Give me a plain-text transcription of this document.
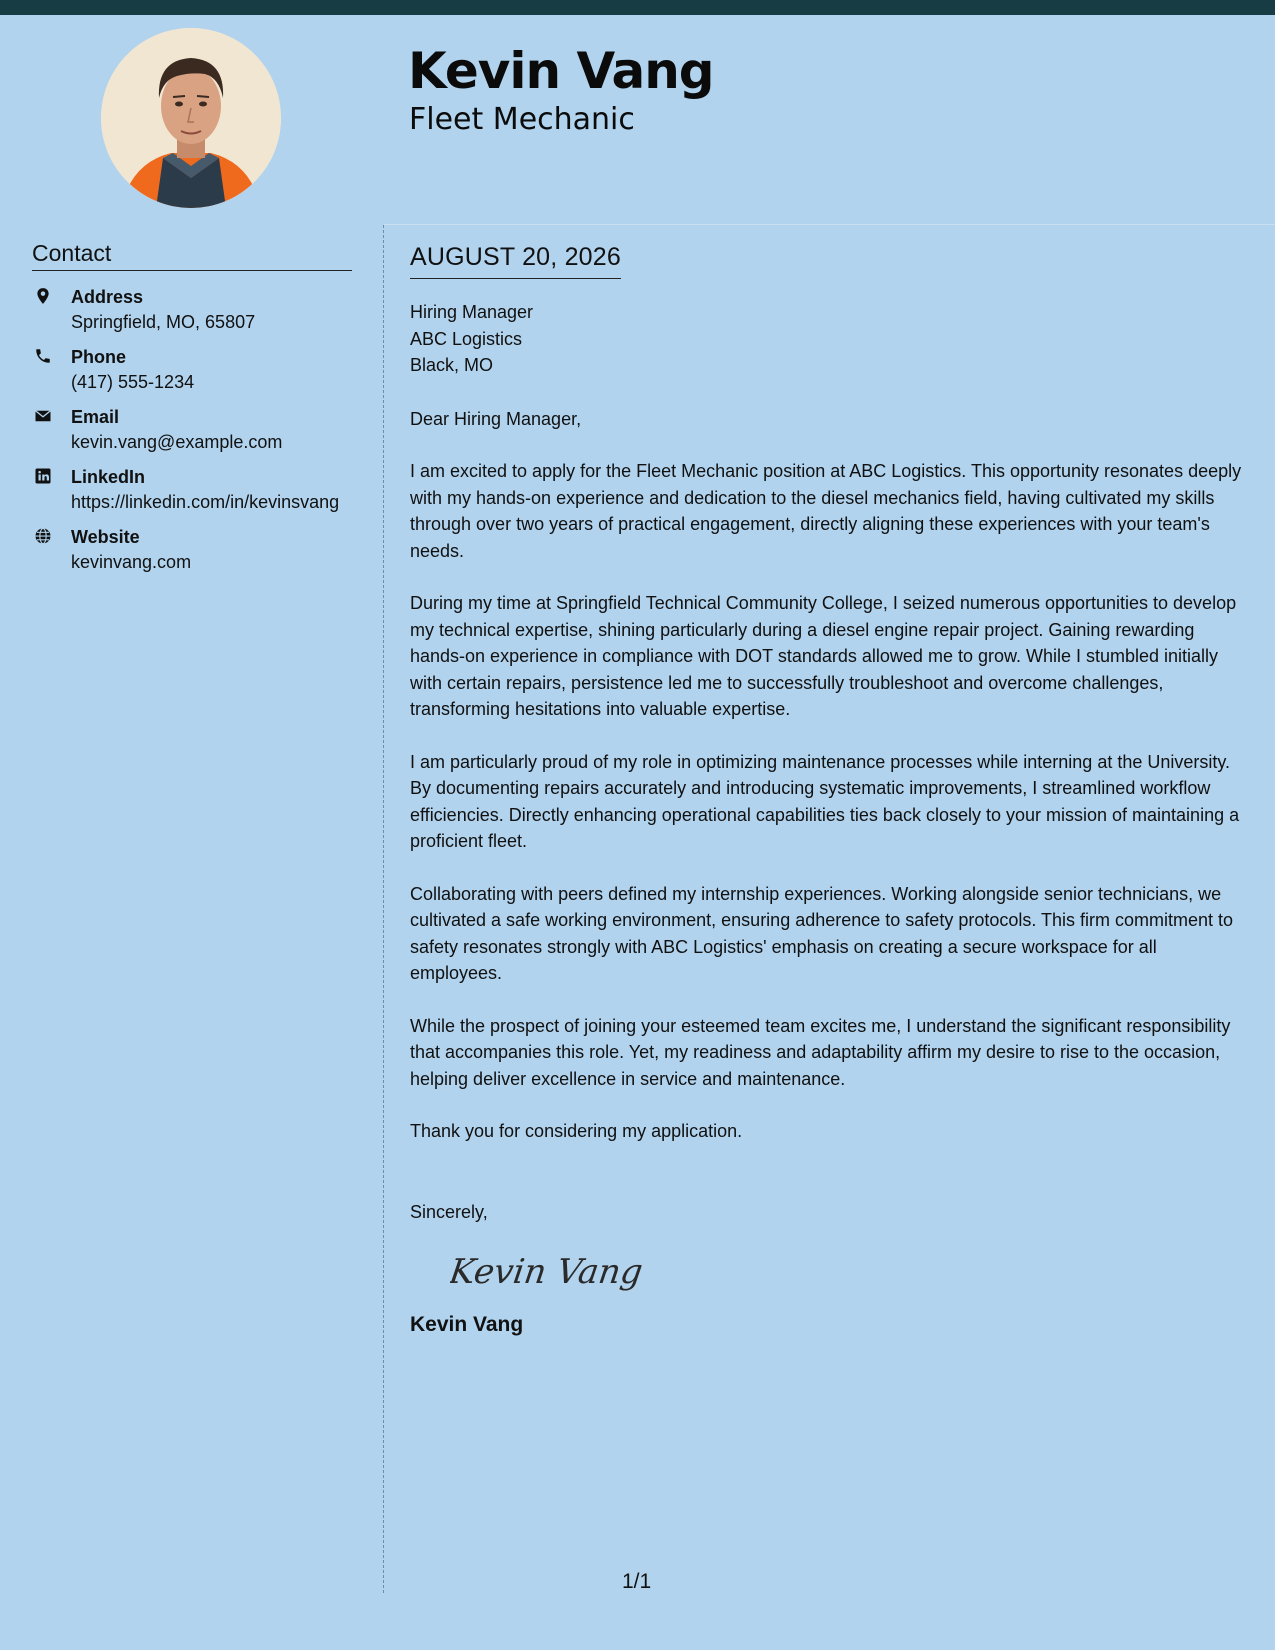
Kevin Vang
Fleet Mechanic
Contact
Address
Springfield, MO, 65807
Phone
(417) 555-1234
Email
kevin.vang@example.com
LinkedIn
https://linkedin.com/in/kevinsvang
Website
kevinvang.com
AUGUST 20, 2026
Hiring Manager
ABC Logistics
Black, MO
Dear Hiring Manager,

I am excited to apply for the Fleet Mechanic position at ABC Logistics. This opportunity resonates deeply with my hands-on experience and dedication to the diesel mechanics field, having cultivated my skills through over two years of practical engagement, directly aligning these experiences with your team's needs.

During my time at Springfield Technical Community College, I seized numerous opportunities to develop my technical expertise, shining particularly during a diesel engine repair project. Gaining rewarding hands-on experience in compliance with DOT standards allowed me to grow. While I stumbled initially with certain repairs, persistence led me to successfully troubleshoot and overcome challenges, transforming hesitations into valuable expertise.

I am particularly proud of my role in optimizing maintenance processes while interning at the University. By documenting repairs accurately and introducing systematic improvements, I streamlined workflow efficiencies. Directly enhancing operational capabilities ties back closely to your mission of maintaining a proficient fleet.

Collaborating with peers defined my internship experiences. Working alongside senior technicians, we cultivated a safe working environment, ensuring adherence to safety protocols. This firm commitment to safety resonates strongly with ABC Logistics' emphasis on creating a secure workspace for all employees.

While the prospect of joining your esteemed team excites me, I understand the significant responsibility that accompanies this role. Yet, my readiness and adaptability affirm my desire to rise to the occasion, helping deliver excellence in service and maintenance.

Thank you for considering my application.

Sincerely,
Kevin Vang
Kevin Vang
1/1
